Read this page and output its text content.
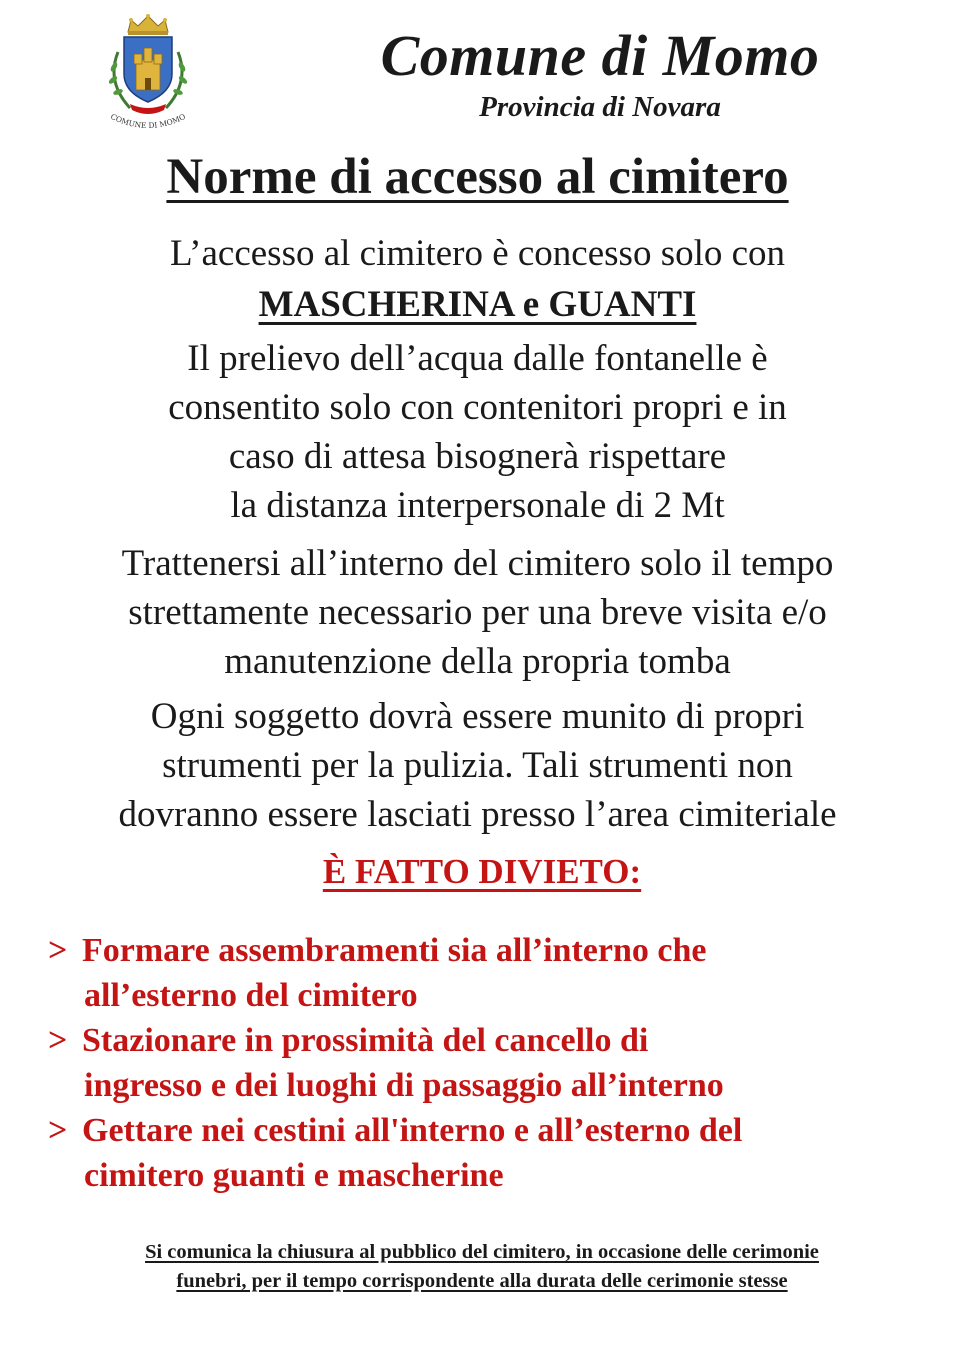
COMUNE DI MOMO
Comune di Momo
Provincia di Novara
Norme di accesso al cimitero
L’accesso al cimitero è concesso solo con
MASCHERINA e GUANTI
Il prelievo dell’acqua dalle fontanelle è
consentito solo con contenitori propri e in
caso di attesa bisognerà rispettare
la distanza interpersonale di 2 Mt
Trattenersi all’interno del cimitero solo il tempo
strettamente necessario per una breve visita e/o
manutenzione della propria tomba
Ogni soggetto dovrà essere munito di propri
strumenti per la pulizia. Tali strumenti non
dovranno essere lasciati presso l’area cimiteriale
È FATTO DIVIETO:
> Formare assembramenti sia all’interno che
all’esterno del cimitero
> Stazionare in prossimità del cancello di
ingresso e dei luoghi di passaggio all’interno
> Gettare nei cestini all'interno e all’esterno del
cimitero guanti e mascherine
Si comunica la chiusura al pubblico del cimitero, in occasione delle cerimonie
funebri, per il tempo corrispondente alla durata delle cerimonie stesse
